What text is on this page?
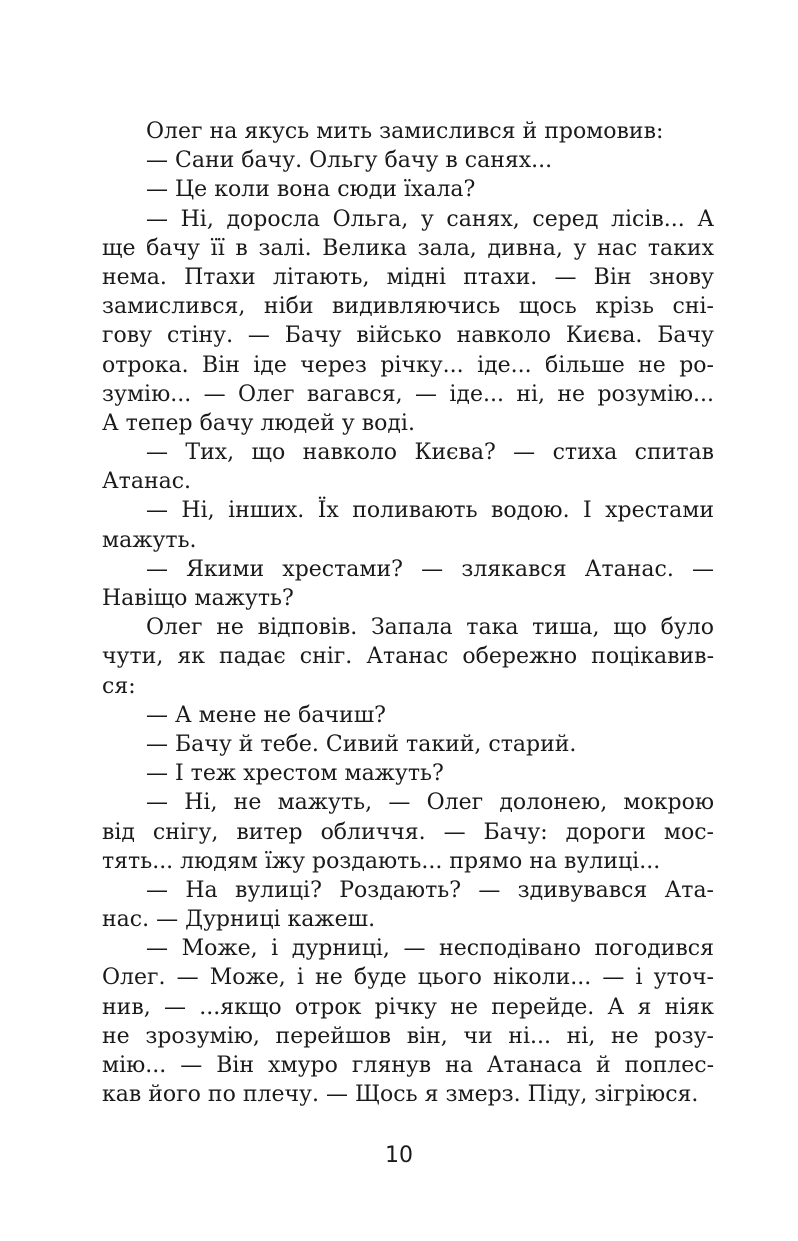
Олег на якусь мить замислився й промовив:
— Сани бачу. Ольгу бачу в санях...
— Це коли вона сюди їхала?
— Ні, доросла Ольга, у санях, серед лісів... А
ще бачу її в залі. Велика зала, дивна, у нас таких
нема. Птахи літають, мідні птахи. — Він знову
замислився, ніби видивляючись щось крізь сні-
гову стіну. — Бачу військо навколо Києва. Бачу
отрока. Він іде через річку... іде... більше не ро-
зумію... — Олег вагався, — іде... ні, не розумію...
А тепер бачу людей у воді.
— Тих, що навколо Києва? — стиха спитав
Атанас.
— Ні, інших. Їх поливають водою. І хрестами
мажуть.
— Якими хрестами? — злякався Атанас. —
Навіщо мажуть?
Олег не відповів. Запала така тиша, що було
чути, як падає сніг. Атанас обережно поцікавив-
ся:
— А мене не бачиш?
— Бачу й тебе. Сивий такий, старий.
— І теж хрестом мажуть?
— Ні, не мажуть, — Олег долонею, мокрою
від снігу, витер обличчя. — Бачу: дороги мос-
тять... людям їжу роздають... прямо на вулиці...
— На вулиці? Роздають? — здивувався Ата-
нас. — Дурниці кажеш.
— Може, і дурниці, — несподівано погодився
Олег. — Може, і не буде цього ніколи... — і уточ-
нив, — ...якщо отрок річку не перейде. А я ніяк
не зрозумію, перейшов він, чи ні... ні, не розу-
мію... — Він хмуро глянув на Атанаса й поплес-
кав його по плечу. — Щось я змерз. Піду, зігріюся.
10
